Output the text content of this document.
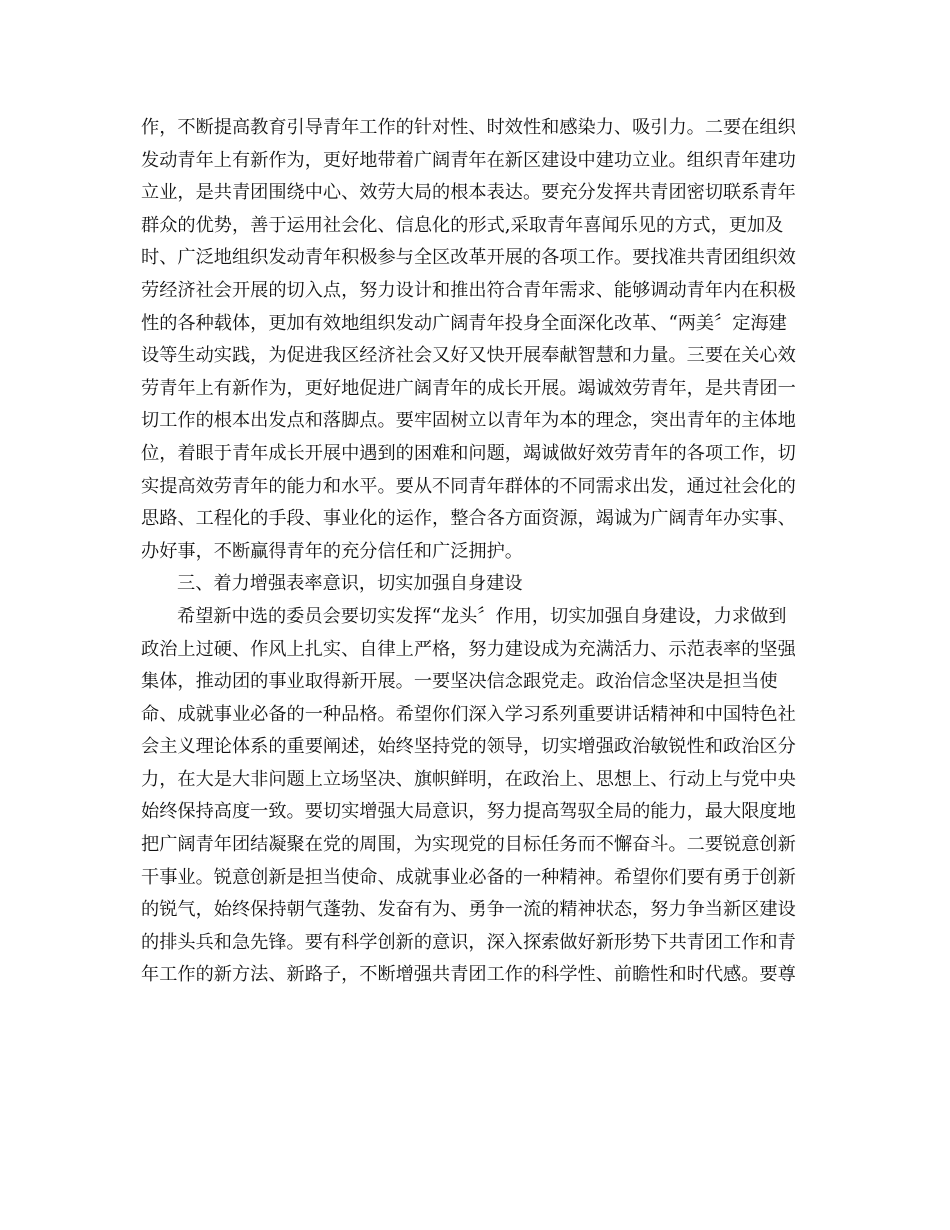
作，不断提高教育引导青年工作的针对性、时效性和感染力、吸引力。二要在组织
发动青年上有新作为，更好地带着广阔青年在新区建设中建功立业。组织青年建功
立业，是共青团围绕中心、效劳大局的根本表达。要充分发挥共青团密切联系青年
群众的优势，善于运用社会化、信息化的形式,采取青年喜闻乐见的方式，更加及
时、广泛地组织发动青年积极参与全区改革开展的各项工作。要找准共青团组织效
劳经济社会开展的切入点，努力设计和推出符合青年需求、能够调动青年内在积极
性的各种载体，更加有效地组织发动广阔青年投身全面深化改革、“两美〞定海建
设等生动实践，为促进我区经济社会又好又快开展奉献智慧和力量。三要在关心效
劳青年上有新作为，更好地促进广阔青年的成长开展。竭诚效劳青年，是共青团一
切工作的根本出发点和落脚点。要牢固树立以青年为本的理念，突出青年的主体地
位，着眼于青年成长开展中遇到的困难和问题，竭诚做好效劳青年的各项工作，切
实提高效劳青年的能力和水平。要从不同青年群体的不同需求出发，通过社会化的
思路、工程化的手段、事业化的运作，整合各方面资源，竭诚为广阔青年办实事、
办好事，不断赢得青年的充分信任和广泛拥护。
三、着力增强表率意识，切实加强自身建设
希望新中选的委员会要切实发挥“龙头〞作用，切实加强自身建设，力求做到
政治上过硬、作风上扎实、自律上严格，努力建设成为充满活力、示范表率的坚强
集体，推动团的事业取得新开展。一要坚决信念跟党走。政治信念坚决是担当使
命、成就事业必备的一种品格。希望你们深入学习系列重要讲话精神和中国特色社
会主义理论体系的重要阐述，始终坚持党的领导，切实增强政治敏锐性和政治区分
力，在大是大非问题上立场坚决、旗帜鲜明，在政治上、思想上、行动上与党中央
始终保持高度一致。要切实增强大局意识，努力提高驾驭全局的能力，最大限度地
把广阔青年团结凝聚在党的周围，为实现党的目标任务而不懈奋斗。二要锐意创新
干事业。锐意创新是担当使命、成就事业必备的一种精神。希望你们要有勇于创新
的锐气，始终保持朝气蓬勃、发奋有为、勇争一流的精神状态，努力争当新区建设
的排头兵和急先锋。要有科学创新的意识，深入探索做好新形势下共青团工作和青
年工作的新方法、新路子，不断增强共青团工作的科学性、前瞻性和时代感。要尊
